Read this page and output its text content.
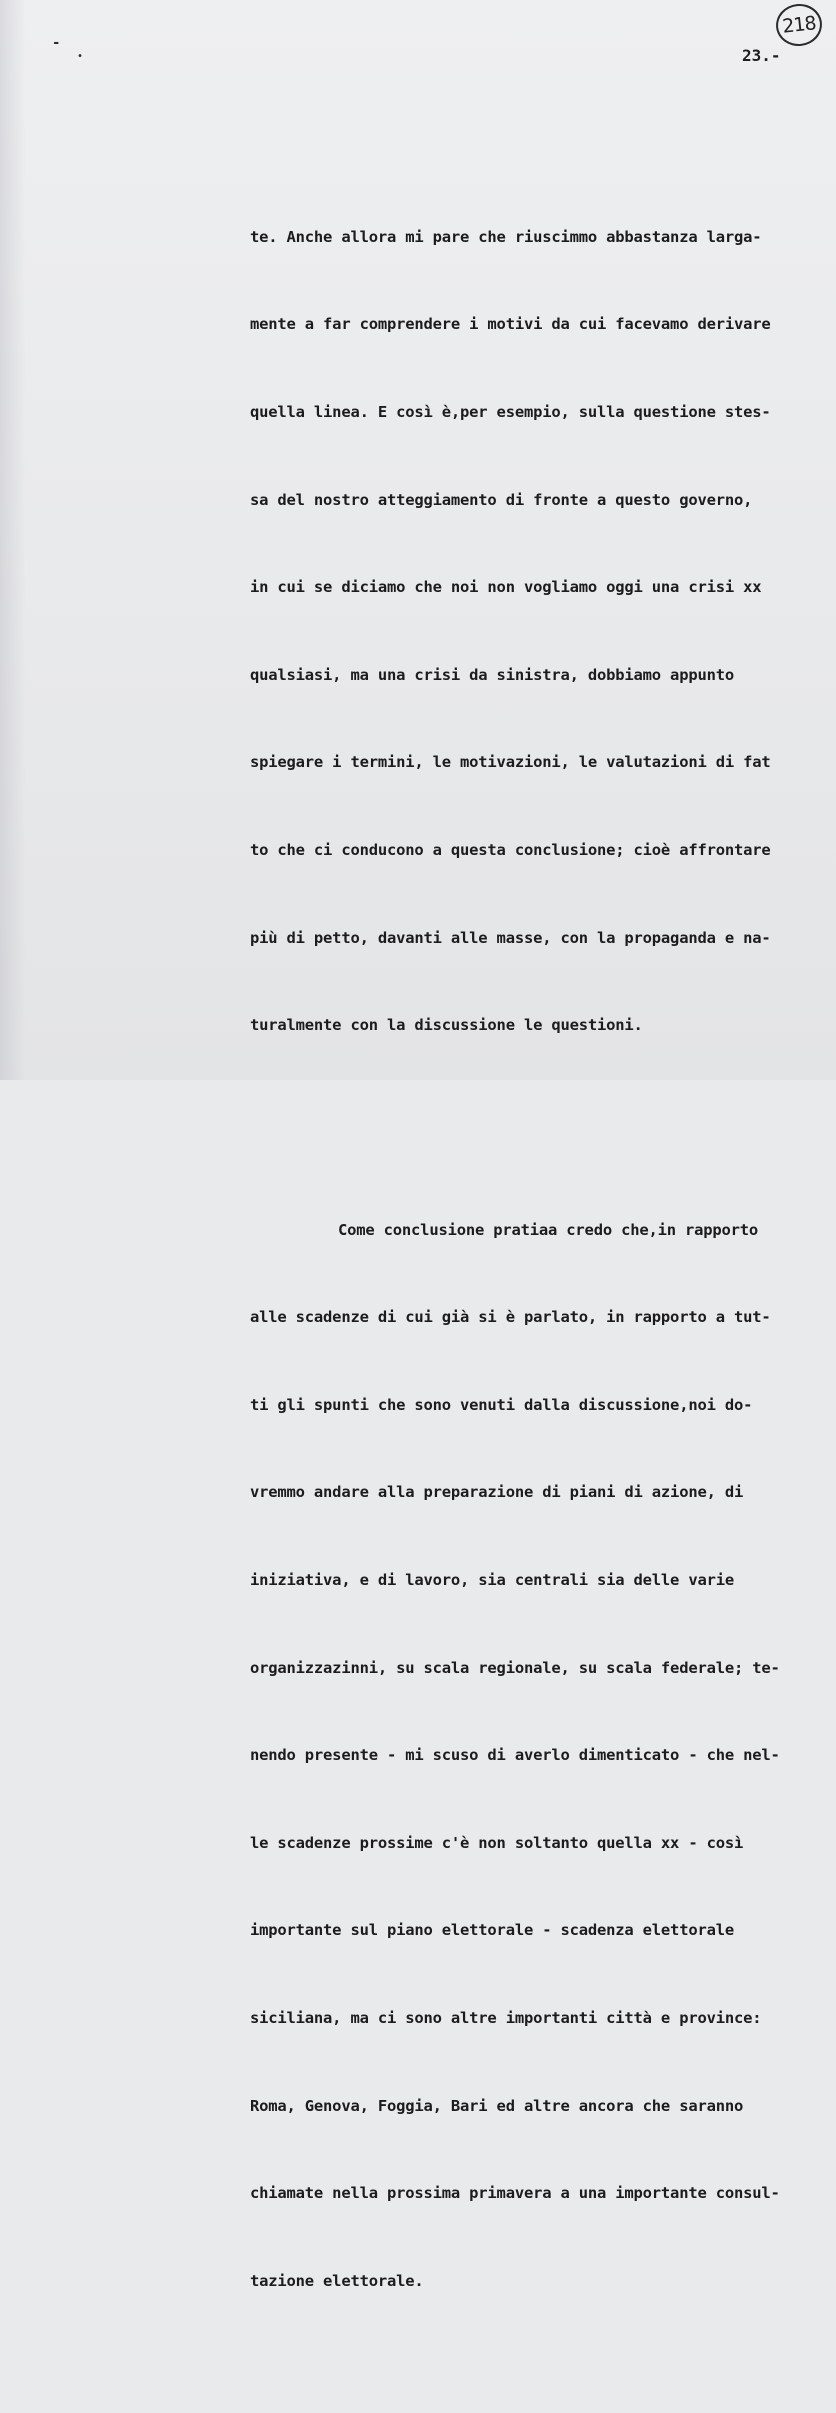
-
•
218
23.-

te. Anche allora mi pare che riuscimmo abbastanza larga-

mente a far comprendere i motivi da cui facevamo derivare

quella linea. E così è,per esempio, sulla questione stes-

sa del nostro atteggiamento di fronte a questo governo,

in cui se diciamo che noi non vogliamo oggi una crisi xx

qualsiasi, ma una crisi da sinistra, dobbiamo appunto

spiegare i termini, le motivazioni, le valutazioni di fat

to che ci conducono a questa conclusione; cioè affrontare

più di petto, davanti alle masse, con la propaganda e na-

turalmente con la discussione le questioni.

Come conclusione pratiaa credo che,in rapporto

alle scadenze di cui già si è parlato, in rapporto a tut-

ti gli spunti che sono venuti dalla discussione,noi do-

vremmo andare alla preparazione di piani di azione, di

iniziativa, e di lavoro, sia centrali sia delle varie

organizzazinni, su scala regionale, su scala federale; te-

nendo presente - mi scuso di averlo dimenticato - che nel-

le scadenze prossime c'è non soltanto quella xx - così

importante sul piano elettorale - scadenza elettorale

siciliana, ma ci sono altre importanti città e province:

Roma, Genova, Foggia, Bari ed altre ancora che saranno

chiamate nella prossima primavera a una importante consul-

tazione elettorale.
